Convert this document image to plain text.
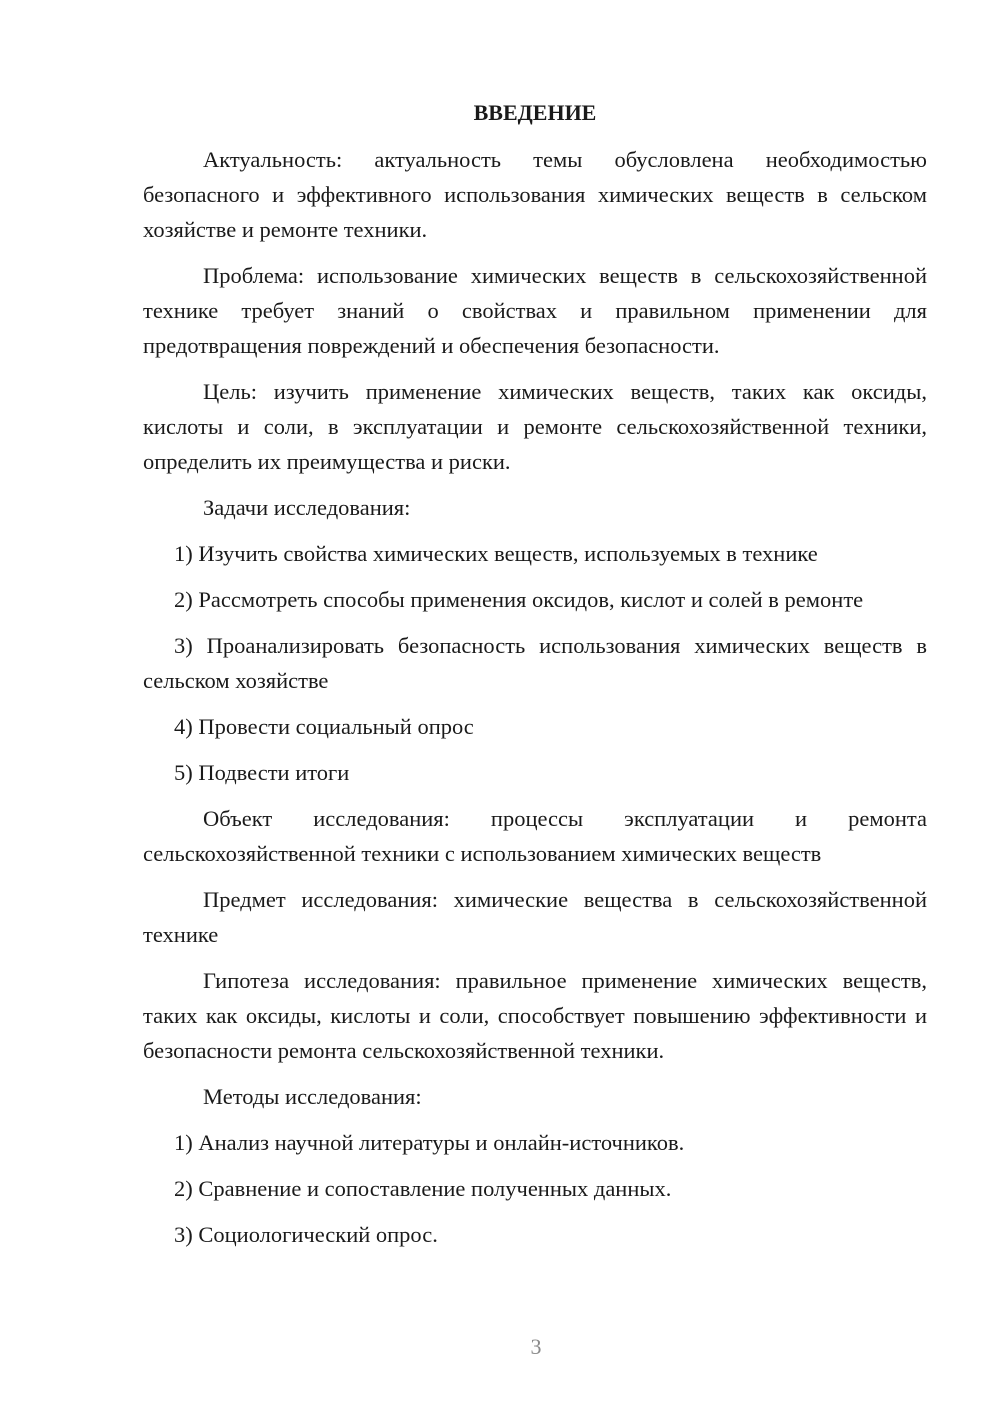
ВВЕДЕНИЕ

Актуальность: актуальность темы обусловлена необходимостью безопасного и эффективного использования химических веществ в сельском хозяйстве и ремонте техники.

Проблема: использование химических веществ в сельскохозяйственной технике требует знаний о свойствах и правильном применении для предотвращения повреждений и обеспечения безопасности.

Цель: изучить применение химических веществ, таких как оксиды, кислоты и соли, в эксплуатации и ремонте сельскохозяйственной техники, определить их преимущества и риски.

Задачи исследования:

1) Изучить свойства химических веществ, используемых в технике

2) Рассмотреть способы применения оксидов, кислот и солей в ремонте

3) Проанализировать безопасность использования химических веществ в сельском хозяйстве

4) Провести социальный опрос

5) Подвести итоги

Объект исследования: процессы эксплуатации и ремонта сельскохозяйственной техники с использованием химических веществ

Предмет исследования: химические вещества в сельскохозяйственной технике

Гипотеза исследования: правильное применение химических веществ, таких как оксиды, кислоты и соли, способствует повышению эффективности и безопасности ремонта сельскохозяйственной техники.

Методы исследования:

1) Анализ научной литературы и онлайн-источников.

2) Сравнение и сопоставление полученных данных.

3) Социологический опрос.

3
